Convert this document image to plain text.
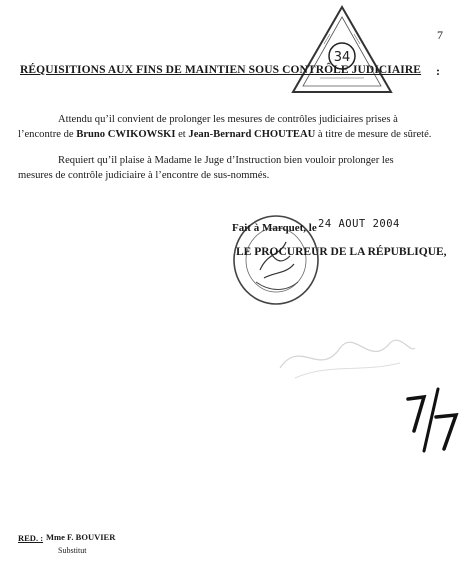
7
34
RÉQUISITIONS AUX FINS DE MAINTIEN SOUS CONTRÔLE JUDICIAIRE	:
Attendu qu’il convient de prolonger les mesures de contrôles judiciaires prises à
l’encontre de Bruno CWIKOWSKI et Jean-Bernard CHOUTEAU à titre de mesure de sûreté.
Requiert qu’il plaise à Madame le Juge d’Instruction bien vouloir prolonger les
mesures de contrôle judiciaire à l’encontre de sus-nommés.
Fait à Marquet, le 24 AOUT 2004
LE PROCUREUR DE LA RÉPUBLIQUE,
RED. : Mme F. BOUVIER
Substitut
